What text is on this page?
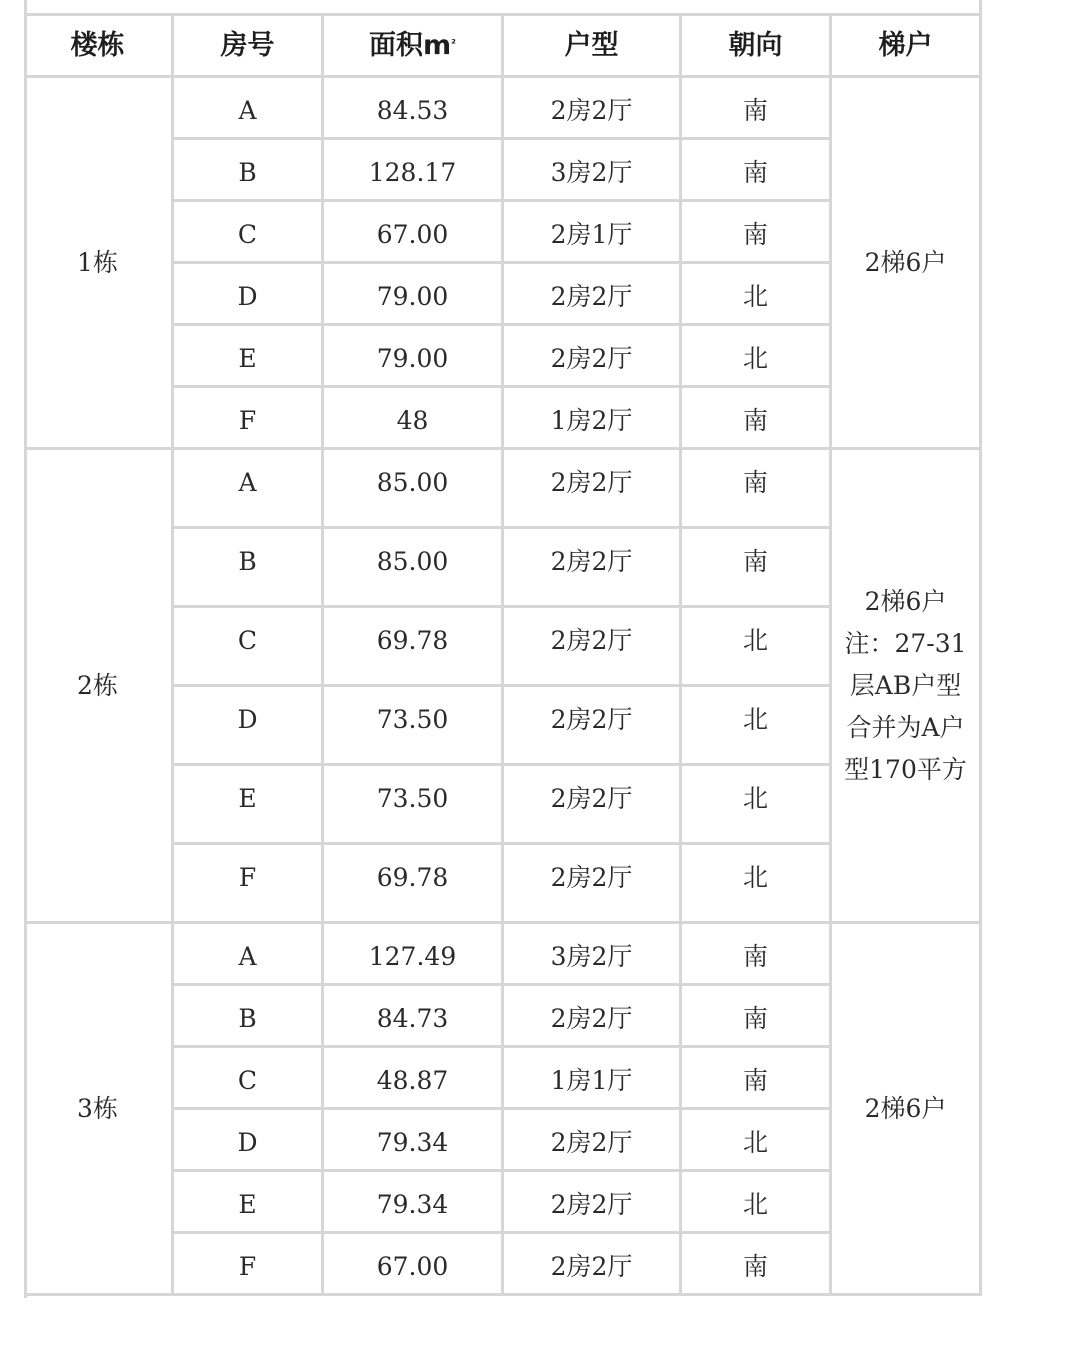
楼栋	房号	面积$m^{^2}$	户型	朝向	梯户
1栋
A	84.53	2房2厅	南
B	128.17	3房2厅	南
C	67.00	2房1厅	南
D	79.00	2房2厅	北
E	79.00	2房2厅	北
F	48	1房2厅	南
2梯6户
2栋
A	85.00	2房2厅	南
B	85.00	2房2厅	南
C	69.78	2房2厅	北
D	73.50	2房2厅	北
E	73.50	2房2厅	北
F	69.78	2房2厅	北
2梯6户
注：27-31
层AB户型
合并为A户
型170平方
3栋
A	127.49	3房2厅	南
B	84.73	2房2厅	南
C	48.87	1房1厅	南
D	79.34	2房2厅	北
E	79.34	2房2厅	北
F	67.00	2房2厅	南
2梯6户
